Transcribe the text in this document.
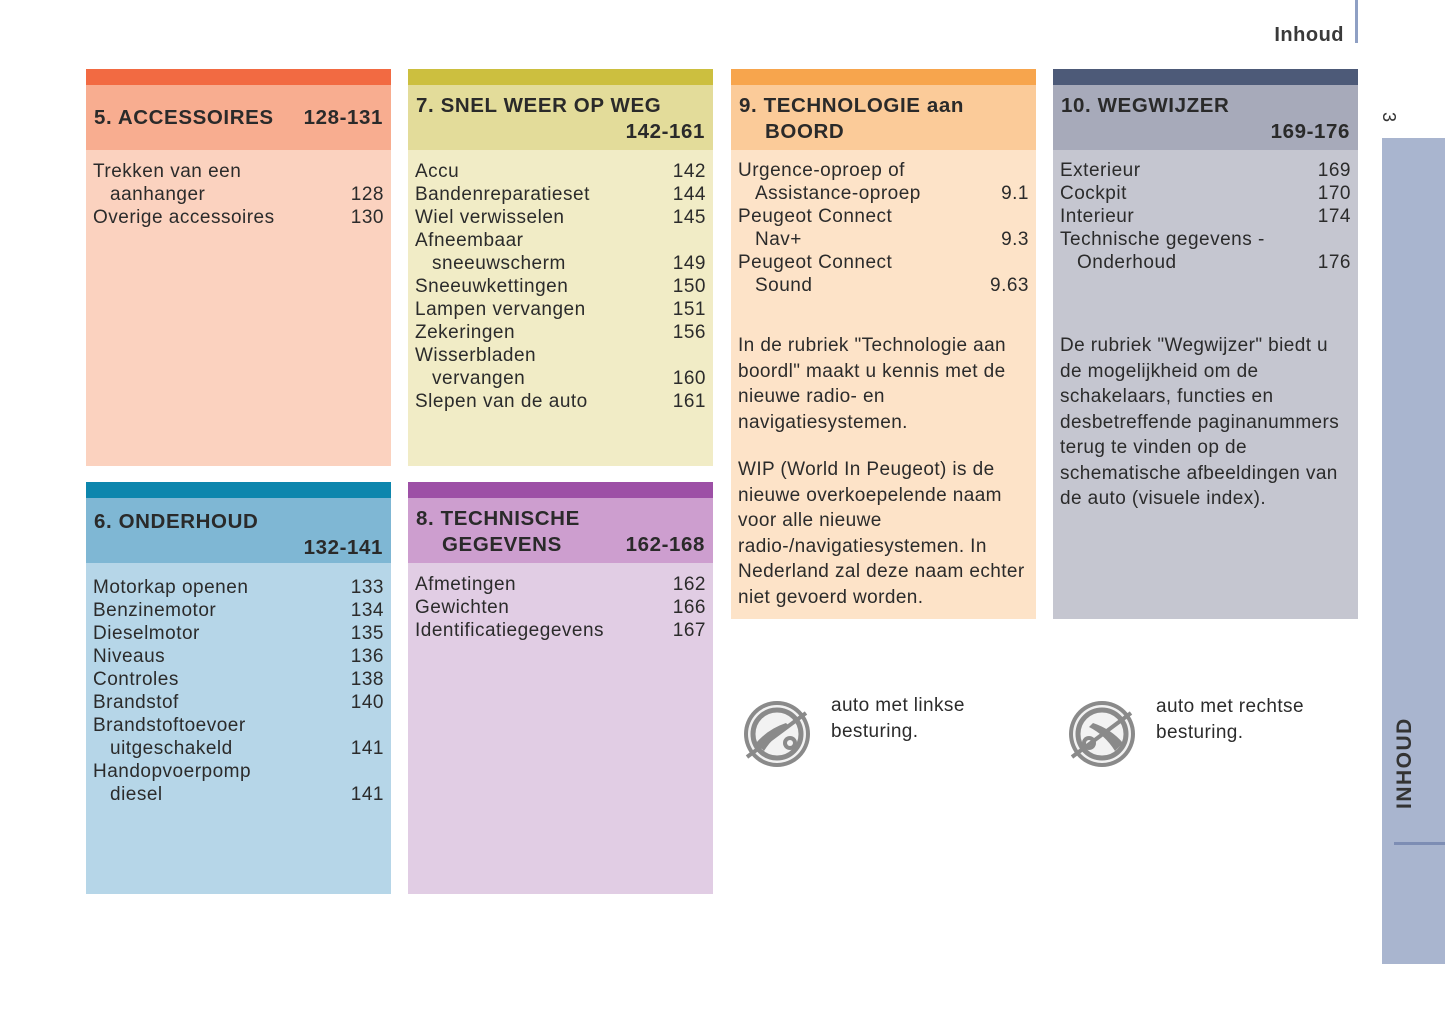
Inhoud
3
INHOUD
5. ACCESSOIRES	128-131
Trekken van een
aanhanger	128
Overige accessoires	130
7. SNEL WEER OP WEG
142-161
Accu	142
Bandenreparatieset	144
Wiel verwisselen	145
Afneembaar
sneeuwscherm	149
Sneeuwkettingen	150
Lampen vervangen	151
Zekeringen	156
Wisserbladen
vervangen	160
Slepen van de auto	161
9. TECHNOLOGIE aan
BOORD
Urgence-oproep of
Assistance-oproep	9.1
Peugeot Connect
Nav+	9.3
Peugeot Connect
Sound	9.63

In de rubriek "Technologie aan boordl" maakt u kennis met de nieuwe radio- en navigatiesystemen.

WIP (World In Peugeot) is de nieuwe overkoepelende naam voor alle nieuwe radio-/navigatiesystemen. In Nederland zal deze naam echter niet gevoerd worden.

10. WEGWIJZER
169-176
Exterieur	169
Cockpit	170
Interieur	174
Technische gegevens -
Onderhoud	176

De rubriek "Wegwijzer" biedt u de mogelijkheid om de schakelaars, functies en desbetreffende paginanummers terug te vinden op de schematische afbeeldingen van de auto (visuele index).

6. ONDERHOUD
132-141
Motorkap openen	133
Benzinemotor	134
Dieselmotor	135
Niveaus	136
Controles	138
Brandstof	140
Brandstoftoevoer
uitgeschakeld	141
Handopvoerpomp
diesel	141
8. TECHNISCHE
GEGEVENS	162-168
Afmetingen	162
Gewichten	166
Identificatiegegevens	167
auto met linkse
besturing.
auto met rechtse
besturing.
